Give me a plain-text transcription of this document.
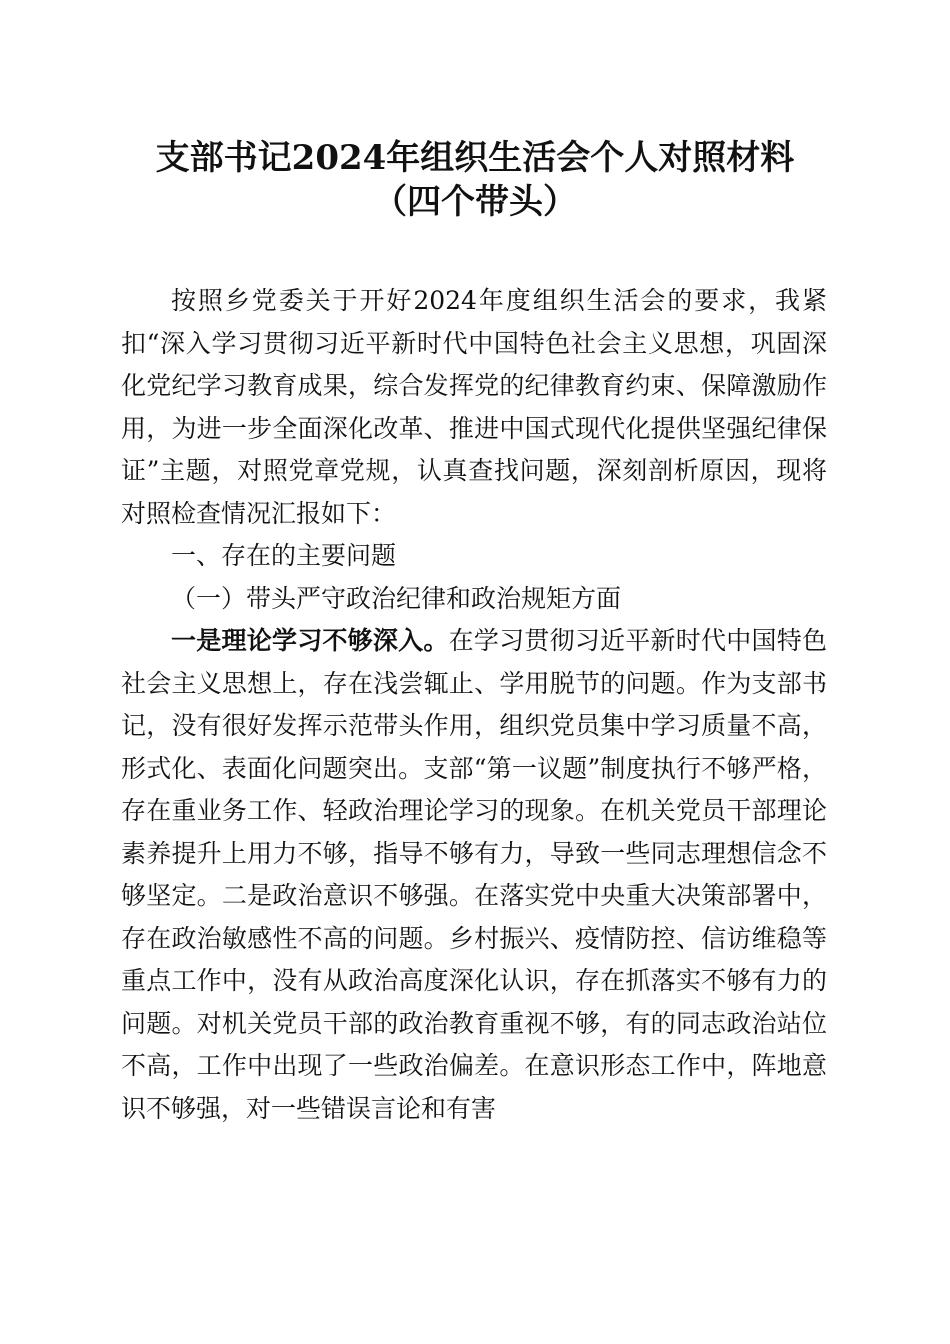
支部书记2024年组织生活会个人对照材料
（四个带头）

按照乡党委关于开好2024年度组织生活会的要求，我紧扣“深入学习贯彻习近平新时代中国特色社会主义思想，巩固深化党纪学习教育成果，综合发挥党的纪律教育约束、保障激励作用，为进一步全面深化改革、推进中国式现代化提供坚强纪律保证”主题，对照党章党规，认真查找问题，深刻剖析原因，现将对照检查情况汇报如下：

一、存在的主要问题

（一）带头严守政治纪律和政治规矩方面

一是理论学习不够深入。在学习贯彻习近平新时代中国特色社会主义思想上，存在浅尝辄止、学用脱节的问题。作为支部书记，没有很好发挥示范带头作用，组织党员集中学习质量不高，形式化、表面化问题突出。支部“第一议题”制度执行不够严格，存在重业务工作、轻政治理论学习的现象。在机关党员干部理论素养提升上用力不够，指导不够有力，导致一些同志理想信念不够坚定。二是政治意识不够强。在落实党中央重大决策部署中，存在政治敏感性不高的问题。乡村振兴、疫情防控、信访维稳等重点工作中，没有从政治高度深化认识，存在抓落实不够有力的问题。对机关党员干部的政治教育重视不够，有的同志政治站位不高，工作中出现了一些政治偏差。在意识形态工作中，阵地意识不够强，对一些错误言论和有害
